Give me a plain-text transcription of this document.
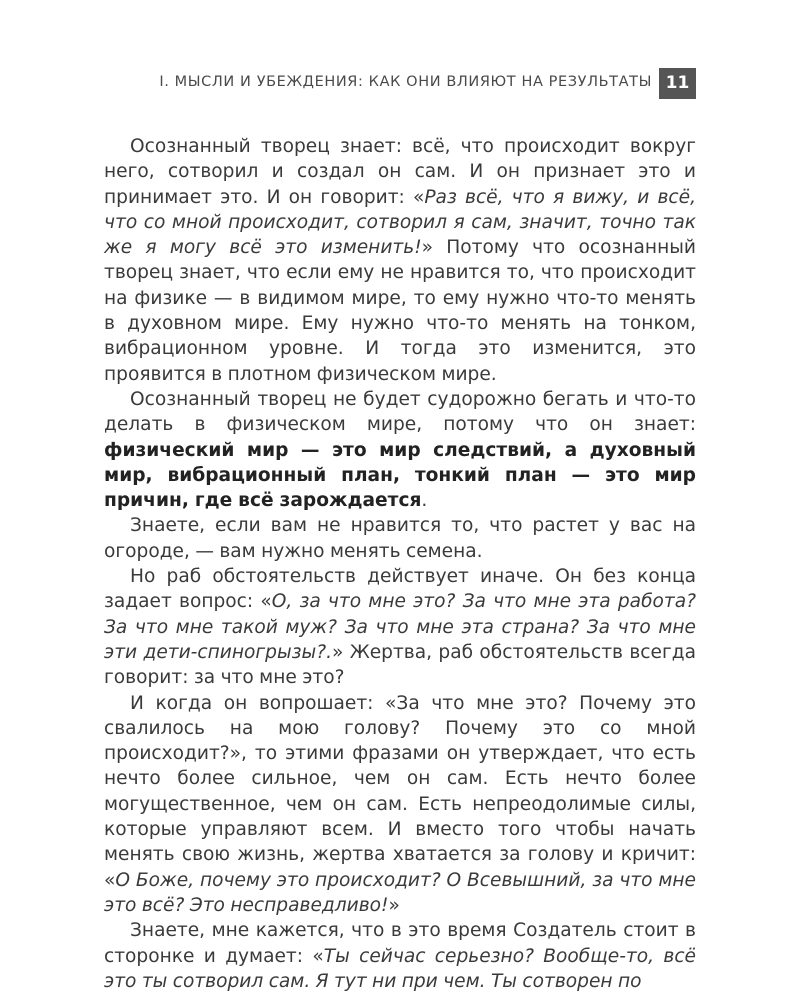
I. МЫСЛИ И УБЕЖДЕНИЯ: КАК ОНИ ВЛИЯЮТ НА РЕЗУЛЬТАТЫ 11

Осознанный творец знает: всё, что происходит вокруг него, сотворил и создал он сам. И он признает это и принимает это. И он говорит: «Раз всё, что я вижу, и всё, что со мной происходит, сотворил я сам, значит, точно так же я могу всё это изменить!» Потому что осознанный творец знает, что если ему не нравится то, что происходит на физике — в видимом мире, то ему нужно что-то менять в духовном мире. Ему нужно что-то менять на тонком, вибрационном уровне. И тогда это изменится, это проявится в плотном физическом мире.

Осознанный творец не будет судорожно бегать и что-то делать в физическом мире, потому что он знает: физический мир — это мир следствий, а духовный мир, вибрационный план, тонкий план — это мир причин, где всё зарождается.

Знаете, если вам не нравится то, что растет у вас на огороде, — вам нужно менять семена.

Но раб обстоятельств действует иначе. Он без конца задает вопрос: «О, за что мне это? За что мне эта работа? За что мне такой муж? За что мне эта страна? За что мне эти дети-спиногрызы?.» Жертва, раб обстоятельств всегда говорит: за что мне это?

И когда он вопрошает: «За что мне это? Почему это свалилось на мою голову? Почему это со мной происходит?», то этими фразами он утверждает, что есть нечто более сильное, чем он сам. Есть нечто более могущественное, чем он сам. Есть непреодолимые силы, которые управляют всем. И вместо того чтобы начать менять свою жизнь, жертва хватается за голову и кричит: «О Боже, почему это происходит? О Всевышний, за что мне это всё? Это несправедливо!»

Знаете, мне кажется, что в это время Создатель стоит в сторонке и думает: «Ты сейчас серьезно? Вообще-то, всё это ты сотворил сам. Я тут ни при чем. Ты сотворен по
